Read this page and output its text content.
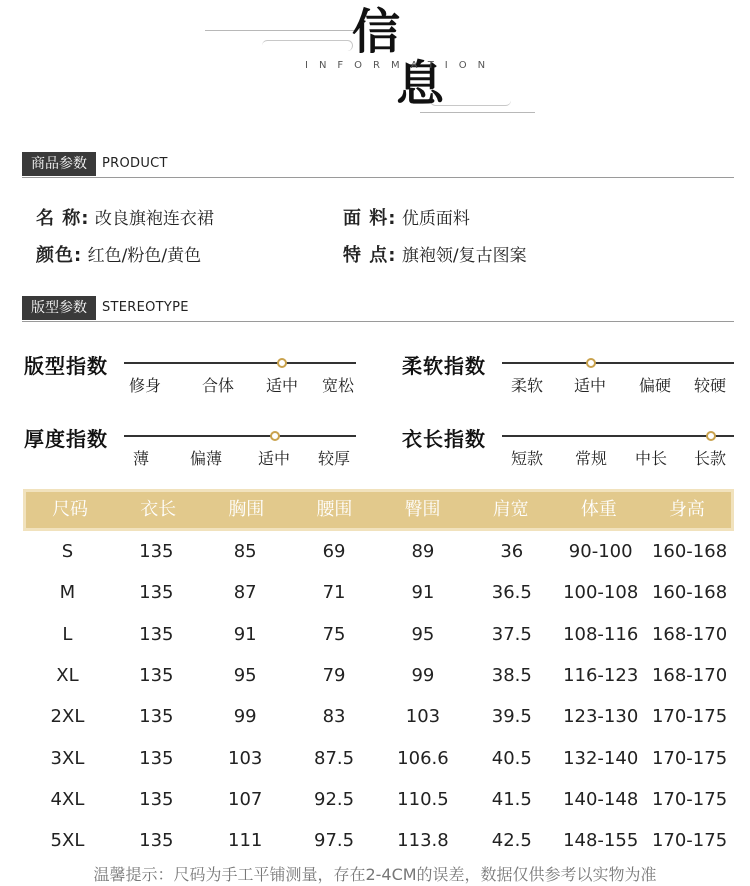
信
息
INFORMATION
商品参数	PRODUCT
名 称: 改良旗袍连衣裙	面 料: 优质面料
颜色: 红色/粉色/黄色	特 点: 旗袍领/复古图案
版型参数	STEREOTYPE
版型指数
修身	合体 适中 宽松
柔软指数
柔软 适中 偏硬 较硬
厚度指数
薄	偏薄 适中 较厚
衣长指数
短款 常规 中长 长款
尺码	衣长	胸围	腰围	臀围	肩宽	体重	身高
S	135	85	69	89	36	90-100	160-168
M	135	87	71	91	36.5	100-108 160-168
L	135	91	75	95	37.5	108-116 168-170
XL	135	95	79	99	38.5	116-123 168-170
2XL	135	99	83	103	39.5	123-130 170-175
3XL	135	103	87.5	106.6	40.5	132-140 170-175
4XL	135	107	92.5	110.5	41.5	140-148 170-175
5XL	135	111	97.5	113.8	42.5	148-155 170-175
温馨提示：尺码为手工平铺测量，存在2-4CM的误差，数据仅供参考以实物为准
